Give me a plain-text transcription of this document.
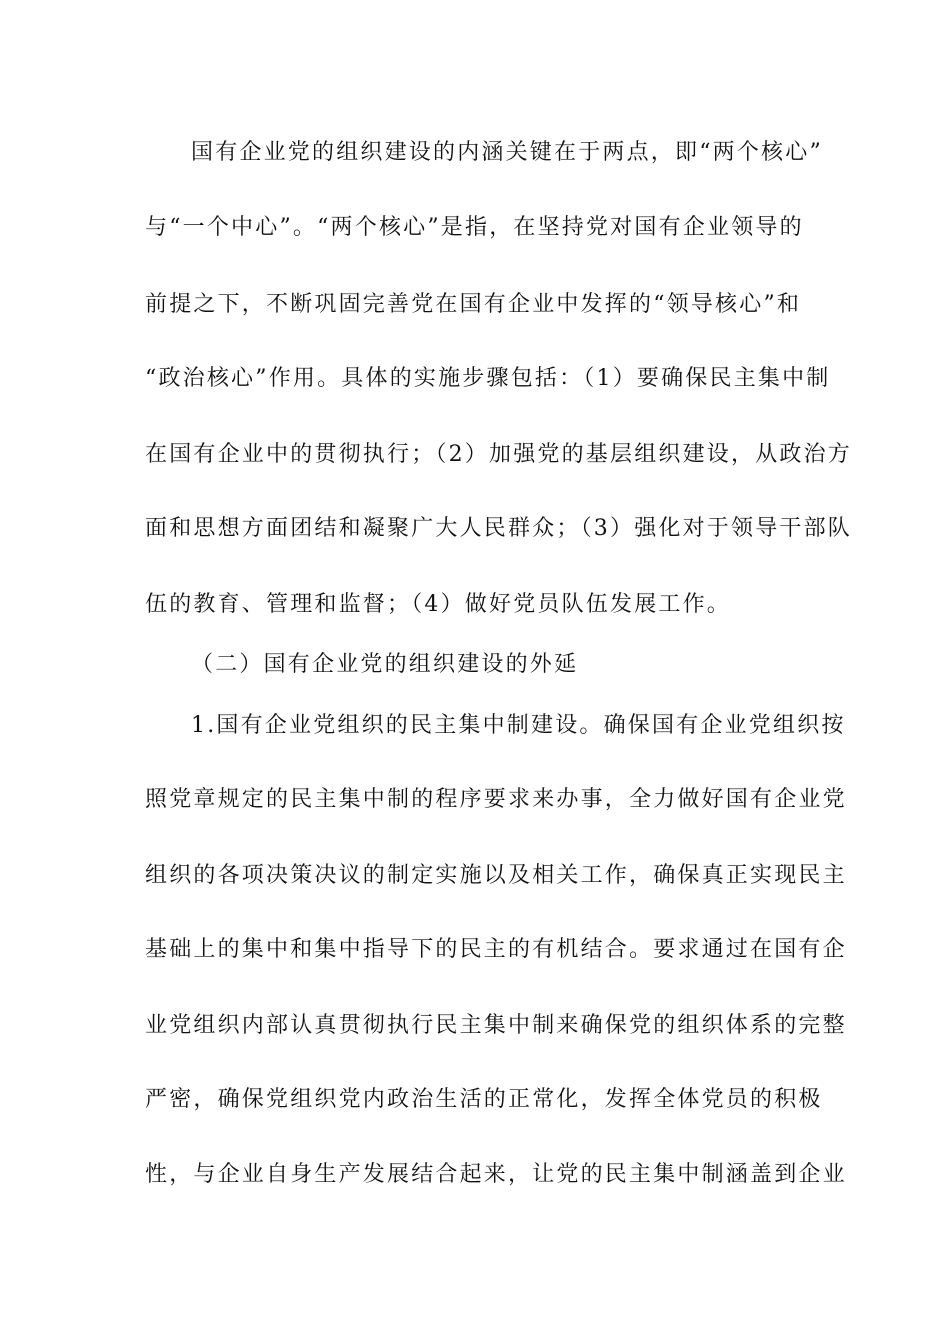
国有企业党的组织建设的内涵关键在于两点，即“两个核心”
与“一个中心”。“两个核心”是指，在坚持党对国有企业领导的
前提之下，不断巩固完善党在国有企业中发挥的“领导核心”和
“政治核心”作用。具体的实施步骤包括：（1）要确保民主集中制
在国有企业中的贯彻执行；（2）加强党的基层组织建设，从政治方
面和思想方面团结和凝聚广大人民群众；（3）强化对于领导干部队
伍的教育、管理和监督；（4）做好党员队伍发展工作。
（二）国有企业党的组织建设的外延
1.国有企业党组织的民主集中制建设。确保国有企业党组织按
照党章规定的民主集中制的程序要求来办事，全力做好国有企业党
组织的各项决策决议的制定实施以及相关工作，确保真正实现民主
基础上的集中和集中指导下的民主的有机结合。要求通过在国有企
业党组织内部认真贯彻执行民主集中制来确保党的组织体系的完整
严密，确保党组织党内政治生活的正常化，发挥全体党员的积极
性，与企业自身生产发展结合起来，让党的民主集中制涵盖到企业
